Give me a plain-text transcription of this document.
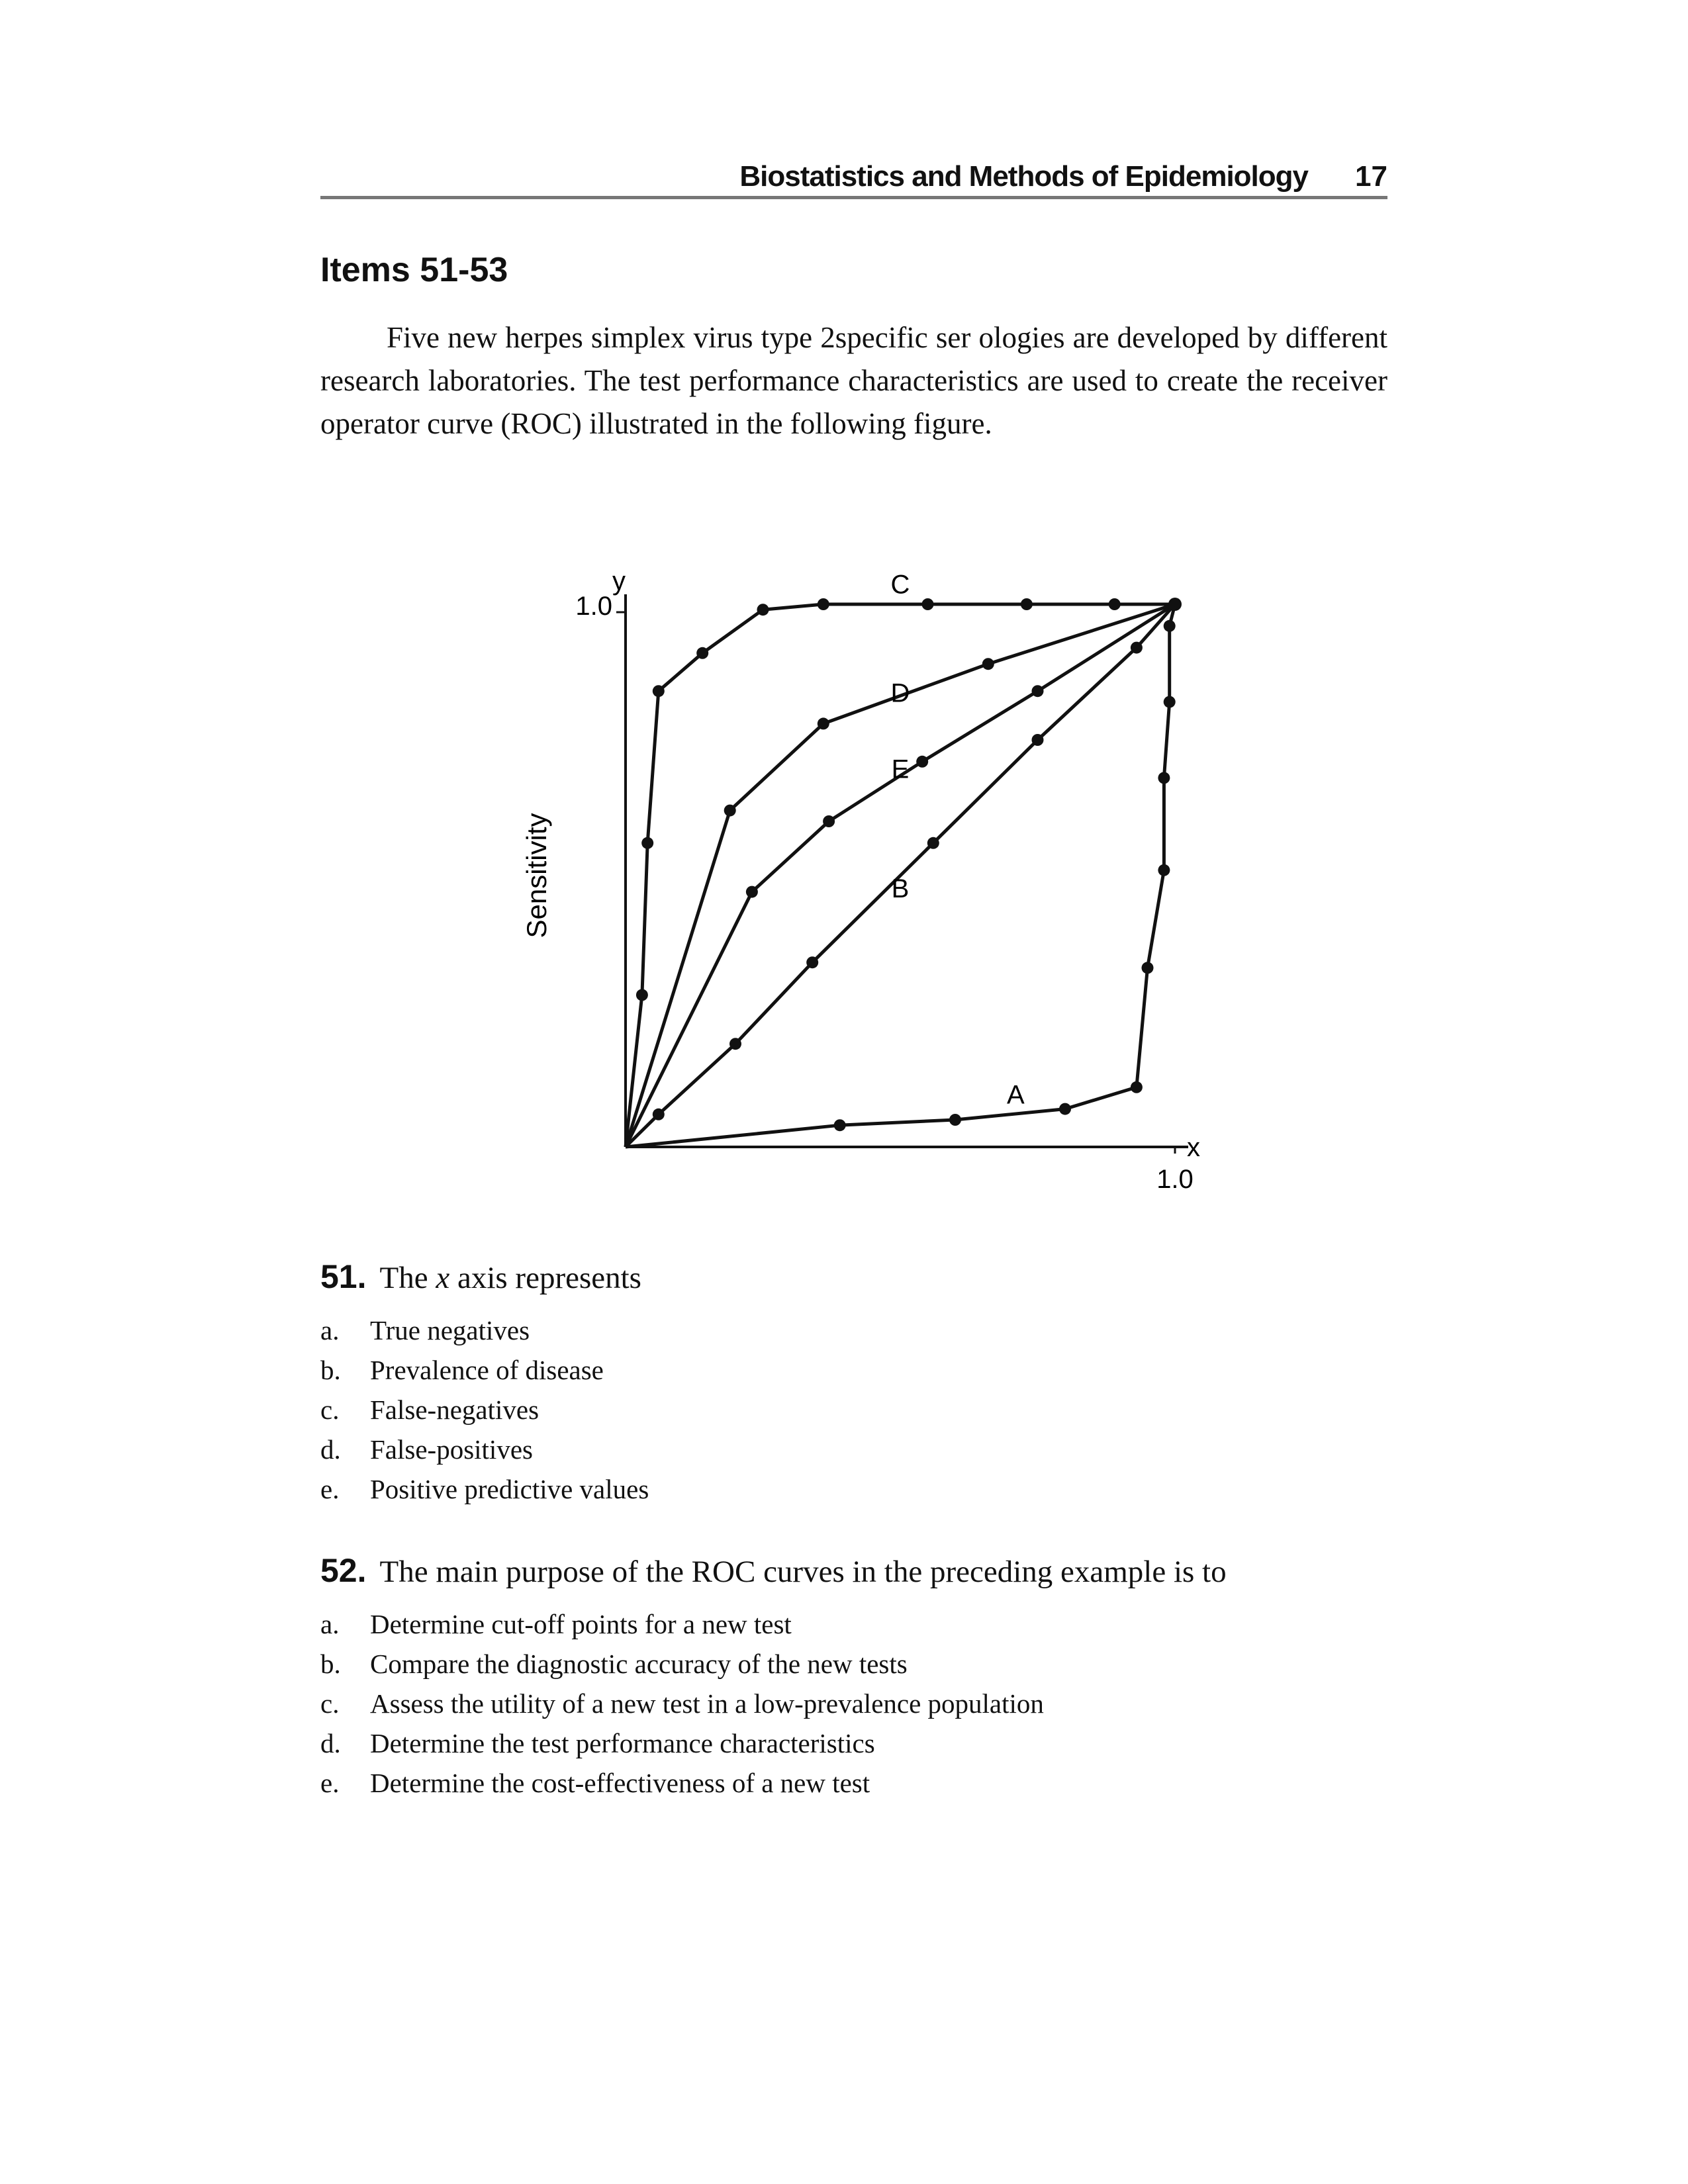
Biostatistics and Methods of Epidemiology 17
Items 51-53

Five new herpes simplex virus type 2specific ser ologies are developed by different research laboratories. The test performance characteristics are used to create the receiver operator curve (ROC) illustrated in the following figure.

y
1.0
x
1.0
Sensitivity
C
D
E
B
A
51. The x axis represents
a. True negatives
b. Prevalence of disease
c. False-negatives
d. False-positives
e. Positive predictive values
52. The main purpose of the ROC curves in the preceding example is to
a. Determine cut-off points for a new test
b. Compare the diagnostic accuracy of the new tests
c. Assess the utility of a new test in a low-prevalence population
d. Determine the test performance characteristics
e. Determine the cost-effectiveness of a new test
